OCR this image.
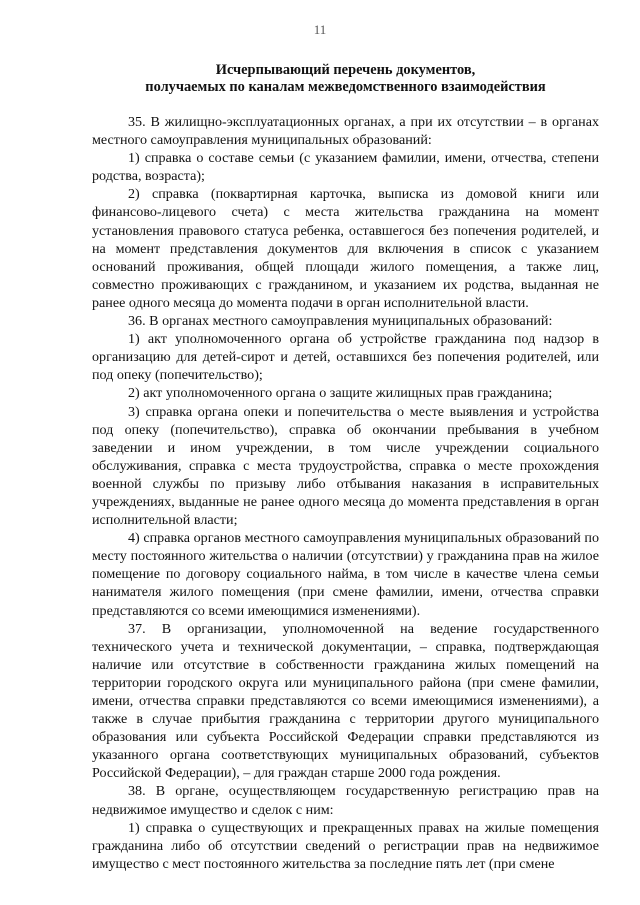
11
Исчерпывающий перечень документов,
получаемых по каналам межведомственного взаимодействия

35. В жилищно-эксплуатационных органах, а при их отсутствии – в органах местного самоуправления муниципальных образований:

1) справка о составе семьи (с указанием фамилии, имени, отчества, степени родства, возраста);

2) справка (поквартирная карточка, выписка из домовой книги или финансово-лицевого счета) с места жительства гражданина на момент установления правового статуса ребенка, оставшегося без попечения родителей, и на момент представления документов для включения в список с указанием оснований проживания, общей площади жилого помещения, а также лиц, совместно проживающих с гражданином, и указанием их родства, выданная не ранее одного месяца до момента подачи в орган исполнительной власти.

36. В органах местного самоуправления муниципальных образований:

1) акт уполномоченного органа об устройстве гражданина под надзор в организацию для детей-сирот и детей, оставшихся без попечения родителей, или под опеку (попечительство);

2) акт уполномоченного органа о защите жилищных прав гражданина;

3) справка органа опеки и попечительства о месте выявления и устройства под опеку (попечительство), справка об окончании пребывания в учебном заведении и ином учреждении, в том числе учреждении социального обслуживания, справка с места трудоустройства, справка о месте прохождения военной службы по призыву либо отбывания наказания в исправительных учреждениях, выданные не ранее одного месяца до момента представления в орган исполнительной власти;

4) справка органов местного самоуправления муниципальных образований по месту постоянного жительства о наличии (отсутствии) у гражданина прав на жилое помещение по договору социального найма, в том числе в качестве члена семьи нанимателя жилого помещения (при смене фамилии, имени, отчества справки представляются со всеми имеющимися изменениями).

37. В организации, уполномоченной на ведение государственного технического учета и технической документации, – справка, подтверждающая наличие или отсутствие в собственности гражданина жилых помещений на территории городского округа или муниципального района (при смене фамилии, имени, отчества справки представляются со всеми имеющимися изменениями), а также в случае прибытия гражданина с территории другого муниципального образования или субъекта Российской Федерации справки представляются из указанного органа соответствующих муниципальных образований, субъектов Российской Федерации), – для граждан старше 2000 года рождения.

38. В органе, осуществляющем государственную регистрацию прав на недвижимое имущество и сделок с ним:

1) справка о существующих и прекращенных правах на жилые помещения гражданина либо об отсутствии сведений о регистрации прав на недвижимое имущество с мест постоянного жительства за последние пять лет (при смене
